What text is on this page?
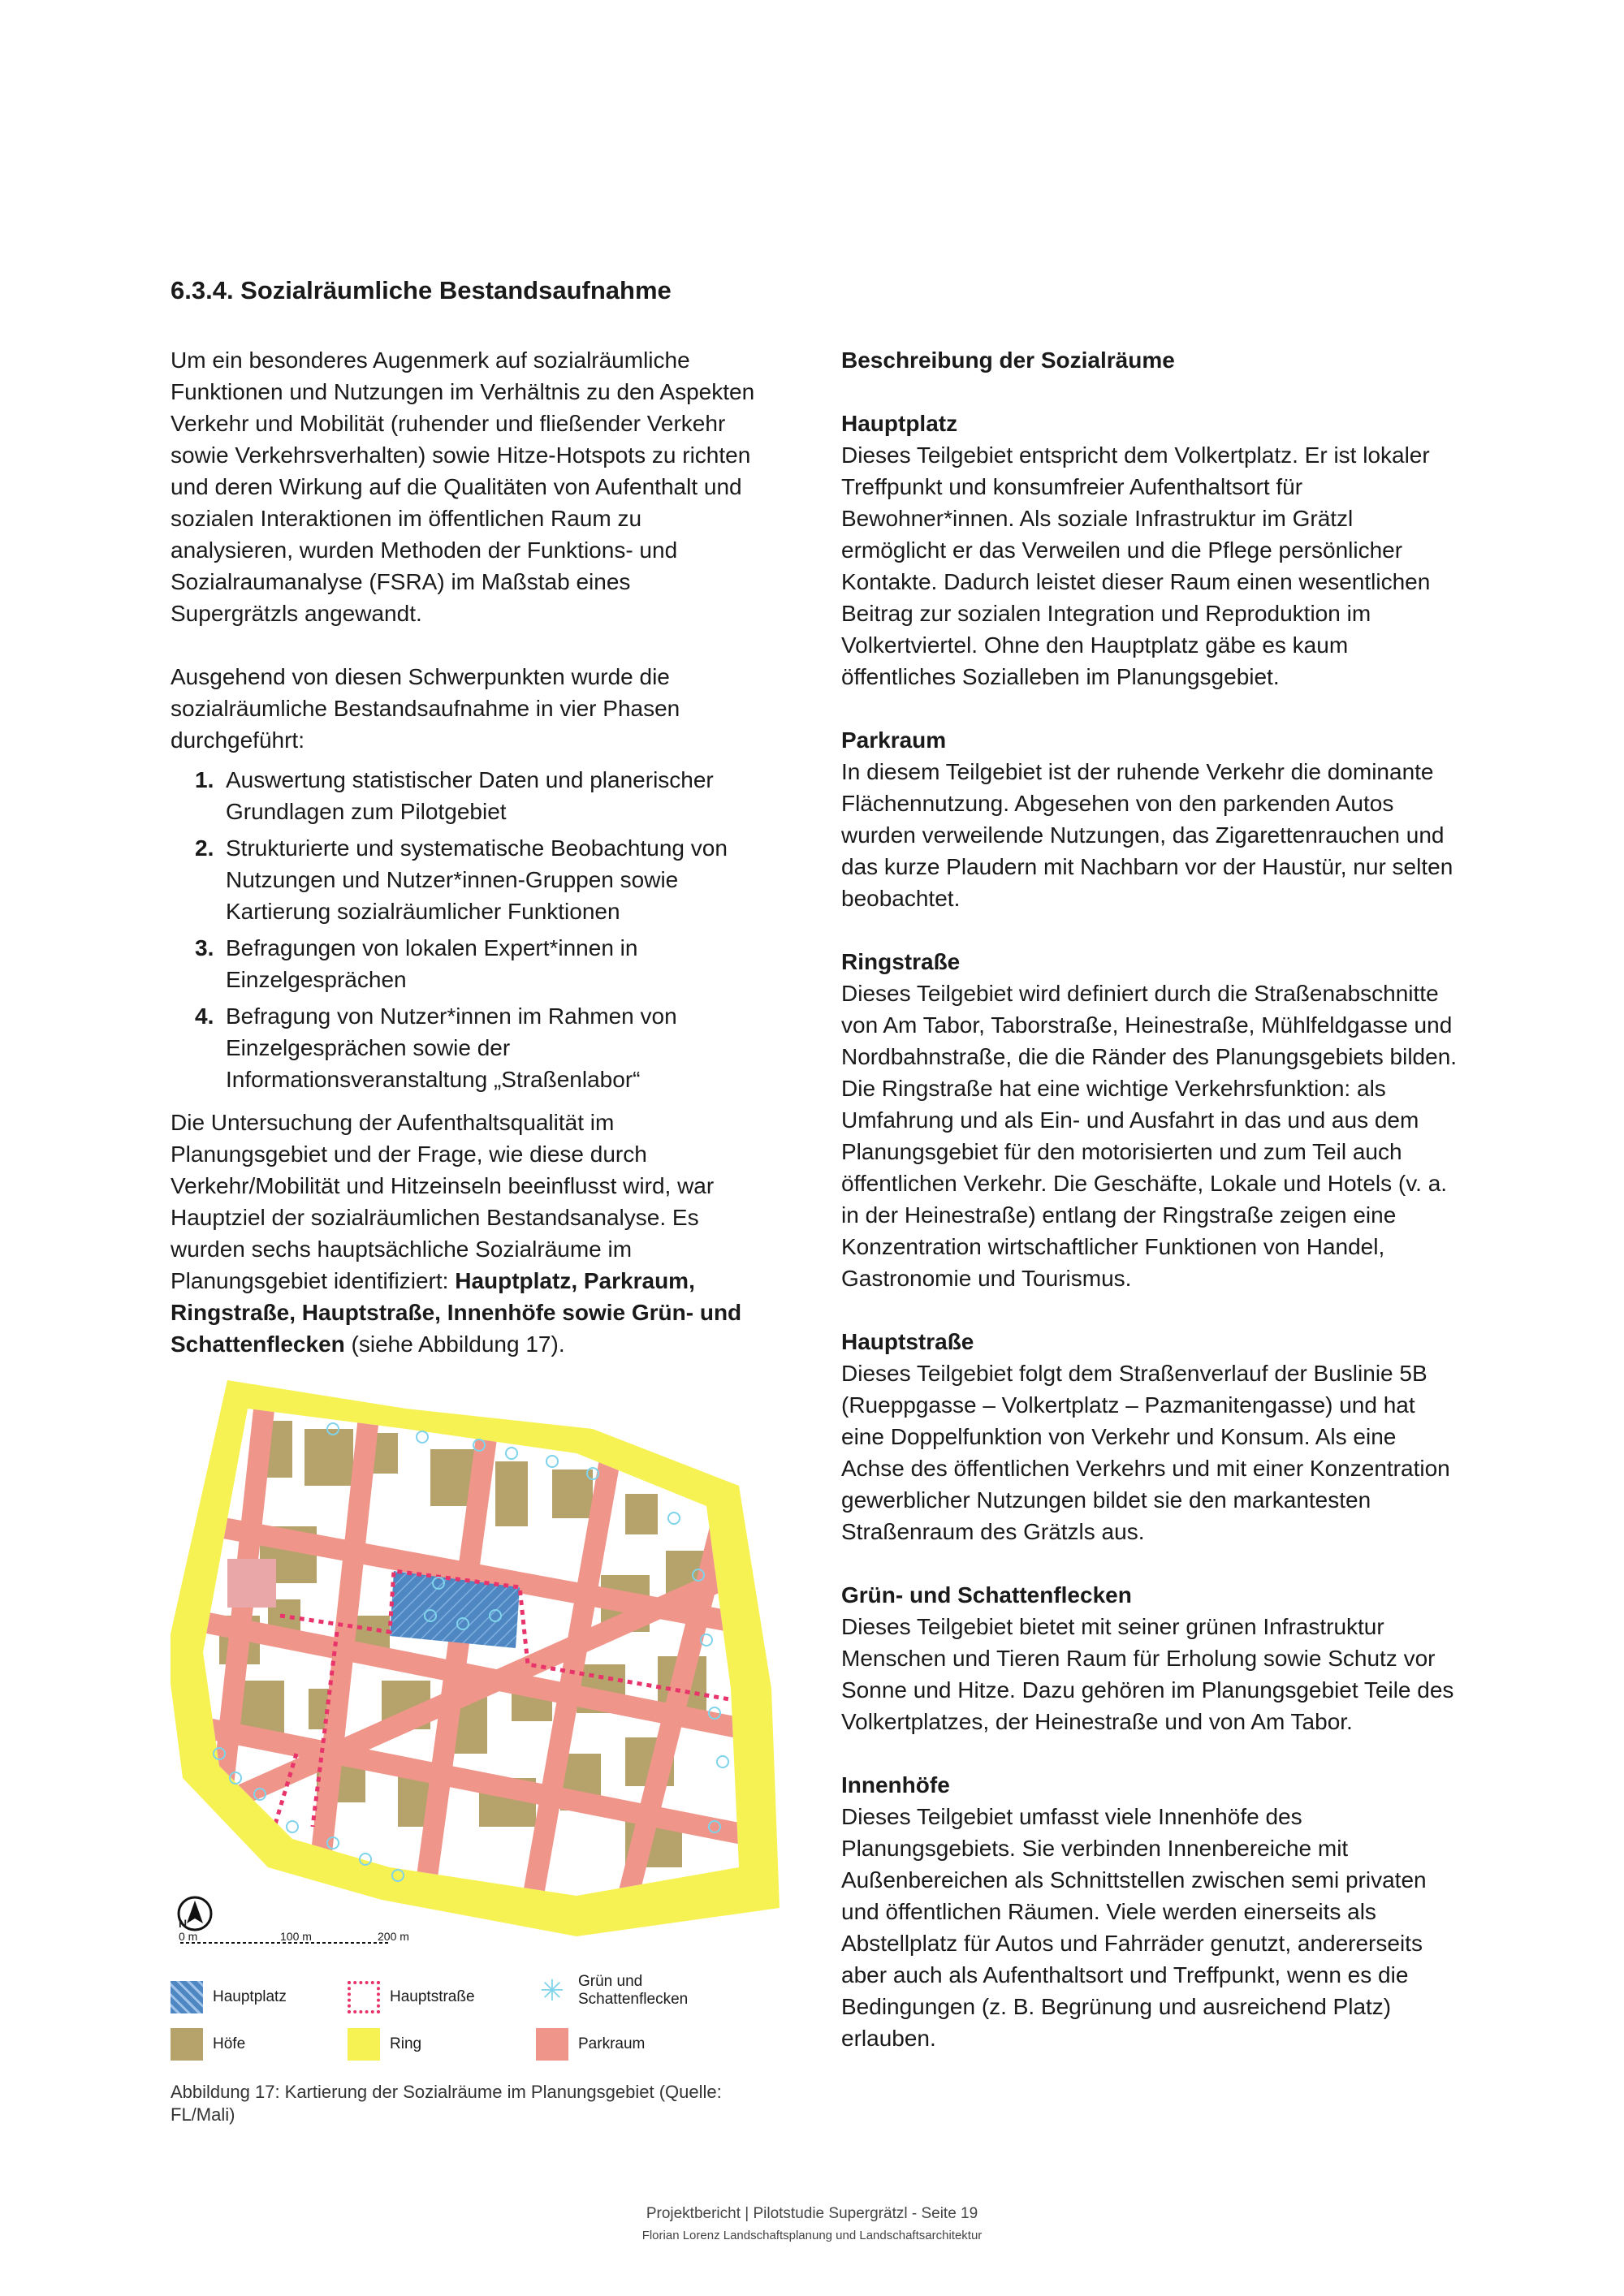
6.3.4. Sozialräumliche Bestandsaufnahme

Um ein besonderes Augenmerk auf sozialräumliche Funktionen und Nutzungen im Verhältnis zu den Aspekten Verkehr und Mobilität (ruhender und fließender Verkehr sowie Verkehrsverhalten) sowie Hitze-Hotspots zu richten und deren Wirkung auf die Qualitäten von Aufenthalt und sozialen Interaktionen im öffentlichen Raum zu analysieren, wurden Methoden der Funktions- und Sozialraumanalyse (FSRA) im Maßstab eines Supergrätzls angewandt.

Ausgehend von diesen Schwerpunkten wurde die sozialräumliche Bestandsaufnahme in vier Phasen durchgeführt:

1. Auswertung statistischer Daten und planerischer Grundlagen zum Pilotgebiet
2. Strukturierte und systematische Beobachtung von Nutzungen und Nutzer*innen-Gruppen sowie Kartierung sozialräumlicher Funktionen
3. Befragungen von lokalen Expert*innen in Einzelgesprächen
4. Befragung von Nutzer*innen im Rahmen von Einzelgesprächen sowie der Informationsveranstaltung „Straßenlabor“

Die Untersuchung der Aufenthaltsqualität im Planungsgebiet und der Frage, wie diese durch Verkehr/Mobilität und Hitzeinseln beeinflusst wird, war Hauptziel der sozialräumlichen Bestandsanalyse. Es wurden sechs hauptsächliche Sozialräume im Planungsgebiet identifiziert: Hauptplatz, Parkraum, Ringstraße, Hauptstraße, Innenhöfe sowie Grün- und Schattenflecken (siehe Abbildung 17).

Beschreibung der Sozialräume

Hauptplatz

Dieses Teilgebiet entspricht dem Volkertplatz. Er ist lokaler Treffpunkt und konsumfreier Aufenthaltsort für Bewohner*innen. Als soziale Infrastruktur im Grätzl ermöglicht er das Verweilen und die Pflege persönlicher Kontakte. Dadurch leistet dieser Raum einen wesentlichen Beitrag zur sozialen Integration und Reproduktion im Volkertviertel. Ohne den Hauptplatz gäbe es kaum öffentliches Sozialleben im Planungsgebiet.

Parkraum

In diesem Teilgebiet ist der ruhende Verkehr die dominante Flächennutzung. Abgesehen von den parkenden Autos wurden verweilende Nutzungen, das Zigarettenrauchen und das kurze Plaudern mit Nachbarn vor der Haustür, nur selten beobachtet.

Ringstraße

Dieses Teilgebiet wird definiert durch die Straßenabschnitte von Am Tabor, Taborstraße, Heinestraße, Mühlfeldgasse und Nordbahnstraße, die die Ränder des Planungsgebiets bilden. Die Ringstraße hat eine wichtige Verkehrsfunktion: als Umfahrung und als Ein- und Ausfahrt in das und aus dem Planungsgebiet für den motorisierten und zum Teil auch öffentlichen Verkehr. Die Geschäfte, Lokale und Hotels (v. a. in der Heinestraße) entlang der Ringstraße zeigen eine Konzentration wirtschaftlicher Funktionen von Handel, Gastronomie und Tourismus.

Hauptstraße

Dieses Teilgebiet folgt dem Straßenverlauf der Buslinie 5B (Rueppgasse – Volkertplatz – Pazmanitengasse) und hat eine Doppelfunktion von Verkehr und Konsum. Als eine Achse des öffentlichen Verkehrs und mit einer Konzentration gewerblicher Nutzungen bildet sie den markantesten Straßenraum des Grätzls aus.

Grün- und Schattenflecken

Dieses Teilgebiet bietet mit seiner grünen Infrastruktur Menschen und Tieren Raum für Erholung sowie Schutz vor Sonne und Hitze. Dazu gehören im Planungsgebiet Teile des Volkertplatzes, der Heinestraße und von Am Tabor.

Innenhöfe

Dieses Teilgebiet umfasst viele Innenhöfe des Planungsgebiets. Sie verbinden Innenbereiche mit Außenbereichen als Schnittstellen zwischen semi privaten und öffentlichen Räumen. Viele werden einerseits als Abstellplatz für Autos und Fahrräder genutzt, andererseits aber auch als Aufenthaltsort und Treffpunkt, wenn es die Bedingungen (z. B. Begrünung und ausreichend Platz) erlauben.

N
0 m	100 m	200 m
Hauptplatz	Hauptstraße ✳ Grün und Schattenflecken
Höfe	Ring	Parkraum
Abbildung 17: Kartierung der Sozialräume im Planungsgebiet (Quelle: FL/Mali)
Projektbericht | Pilotstudie Supergrätzl - Seite 19
Florian Lorenz Landschaftsplanung und Landschaftsarchitektur
